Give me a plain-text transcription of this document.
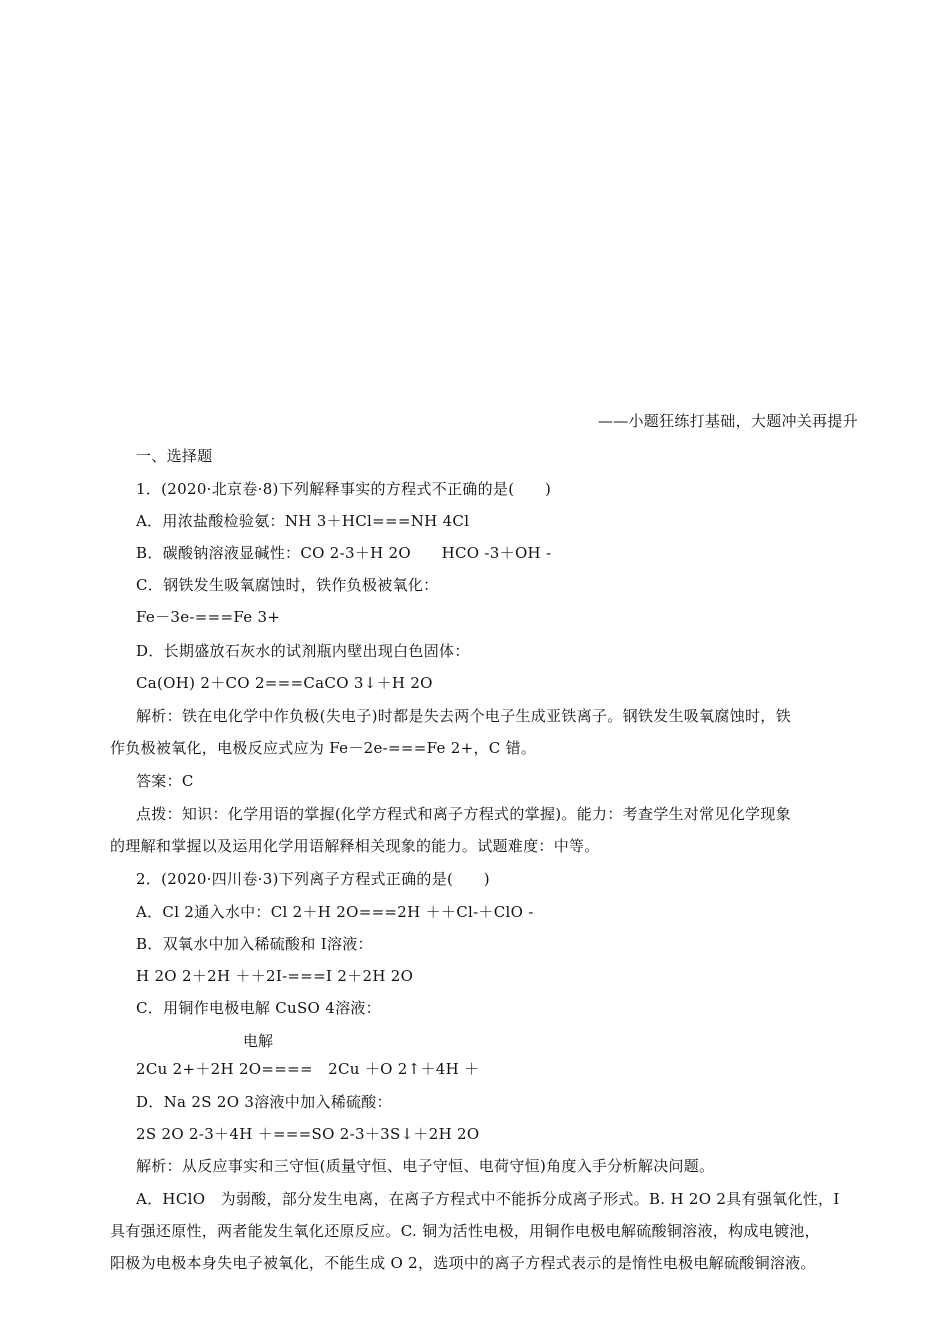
——小题狂练打基础，大题冲关再提升
一、选择题
1．(2020·北京卷·8)下列解释事实的方程式不正确的是(　　)
A．用浓盐酸检验氨：NH 3＋HCl===NH 4Cl
B．碳酸钠溶液显碱性：CO 2-3＋H 2O　　HCO -3＋OH -
C．钢铁发生吸氧腐蚀时，铁作负极被氧化：
Fe－3e-===Fe 3+
D．长期盛放石灰水的试剂瓶内壁出现白色固体：
Ca(OH) 2＋CO 2===CaCO 3↓＋H 2O
解析：铁在电化学中作负极(失电子)时都是失去两个电子生成亚铁离子。钢铁发生吸氧腐蚀时，铁
作负极被氧化，电极反应式应为 Fe－2e-===Fe 2+，C 错。
答案：C
点拨：知识：化学用语的掌握(化学方程式和离子方程式的掌握)。能力：考查学生对常见化学现象
的理解和掌握以及运用化学用语解释相关现象的能力。试题难度：中等。
2．(2020·四川卷·3)下列离子方程式正确的是(　　)
A．Cl 2通入水中：Cl 2＋H 2O===2H ＋＋Cl-＋ClO -
B．双氧水中加入稀硫酸和 I溶液：
H 2O 2＋2H ＋＋2I-===I 2＋2H 2O
C．用铜作电极电解 CuSO 4溶液：
电解
2Cu 2+＋2H 2O====　2Cu ＋O 2↑＋4H ＋
D．Na 2S 2O 3溶液中加入稀硫酸：
2S 2O 2-3＋4H ＋===SO 2-3＋3S↓＋2H 2O
解析：从反应事实和三守恒(质量守恒、电子守恒、电荷守恒)角度入手分析解决问题。
A．HClO　为弱酸，部分发生电离，在离子方程式中不能拆分成离子形式。B. H 2O 2具有强氧化性，I
具有强还原性，两者能发生氧化还原反应。C. 铜为活性电极，用铜作电极电解硫酸铜溶液，构成电镀池，
阳极为电极本身失电子被氧化，不能生成 O 2，选项中的离子方程式表示的是惰性电极电解硫酸铜溶液。
